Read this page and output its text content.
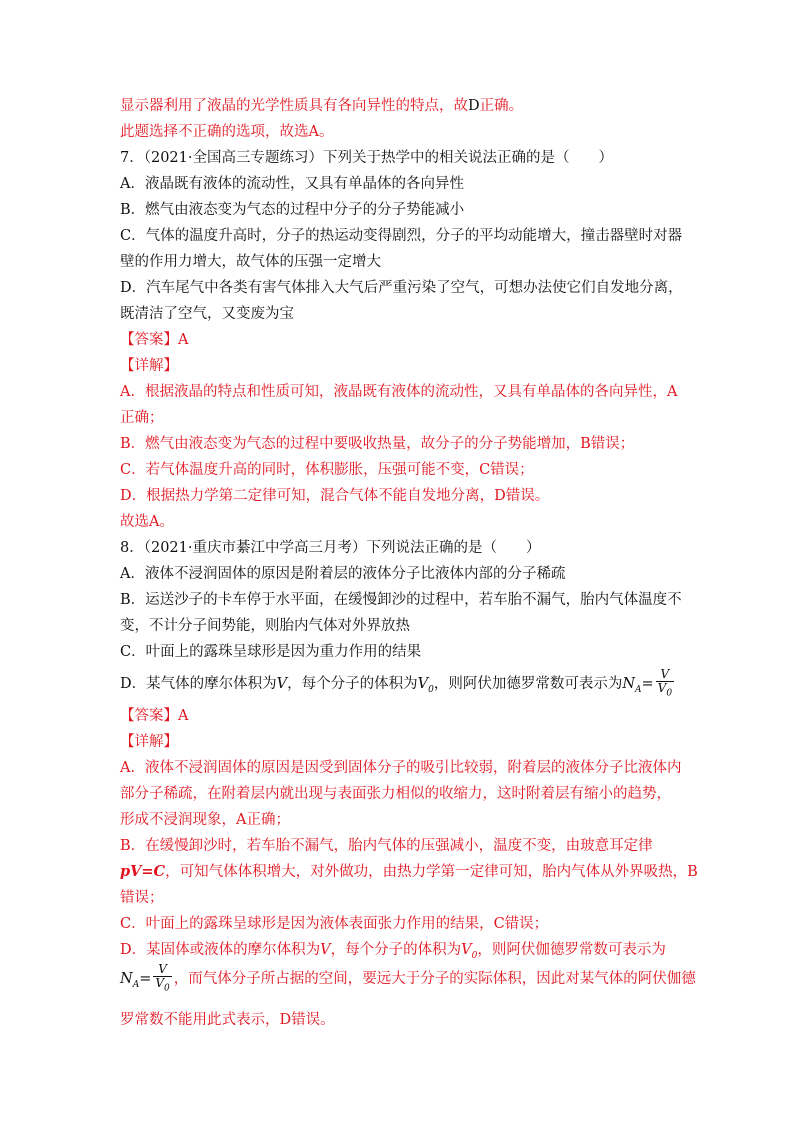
显示器利用了液晶的光学性质具有各向异性的特点，故D正确。
此题选择不正确的选项，故选A。
7．（2021·全国高三专题练习）下列关于热学中的相关说法正确的是（　　）
A．液晶既有液体的流动性，又具有单晶体的各向异性
B．燃气由液态变为气态的过程中分子的分子势能减小
C．气体的温度升高时，分子的热运动变得剧烈，分子的平均动能增大，撞击器壁时对器
壁的作用力增大，故气体的压强一定增大
D．汽车尾气中各类有害气体排入大气后严重污染了空气，可想办法使它们自发地分离，
既清洁了空气，又变废为宝
【答案】A
【详解】
A．根据液晶的特点和性质可知，液晶既有液体的流动性，又具有单晶体的各向异性，A
正确；
B．燃气由液态变为气态的过程中要吸收热量，故分子的分子势能增加，B错误；
C．若气体温度升高的同时，体积膨胀，压强可能不变，C错误；
D．根据热力学第二定律可知，混合气体不能自发地分离，D错误。
故选A。
8．（2021·重庆市綦江中学高三月考）下列说法正确的是（　　）
A．液体不浸润固体的原因是附着层的液体分子比液体内部的分子稀疏
B．运送沙子的卡车停于水平面，在缓慢卸沙的过程中，若车胎不漏气，胎内气体温度不
变，不计分子间势能，则胎内气体对外界放热
C．叶面上的露珠呈球形是因为重力作用的结果
D．某气体的摩尔体积为V，每个分子的体积为$V_0$，则阿伏加德罗常数可表示为$N_A= \frac{V}{V_0}$
【答案】A
【详解】
A．液体不浸润固体的原因是因受到固体分子的吸引比较弱，附着层的液体分子比液体内
部分子稀疏，在附着层内就出现与表面张力相似的收缩力，这时附着层有缩小的趋势，
形成不浸润现象，A正确；
B．在缓慢卸沙时，若车胎不漏气，胎内气体的压强减小，温度不变，由玻意耳定律
pV=C，可知气体体积增大，对外做功，由热力学第一定律可知，胎内气体从外界吸热，B
错误；
C．叶面上的露珠呈球形是因为液体表面张力作用的结果，C错误；
D．某固体或液体的摩尔体积为V，每个分子的体积为$V_0$，则阿伏伽德罗常数可表示为
$N_A= \frac{V}{V_0}$ ，而气体分子所占据的空间，要远大于分子的实际体积，因此对某气体的阿伏伽德
罗常数不能用此式表示，D错误。
